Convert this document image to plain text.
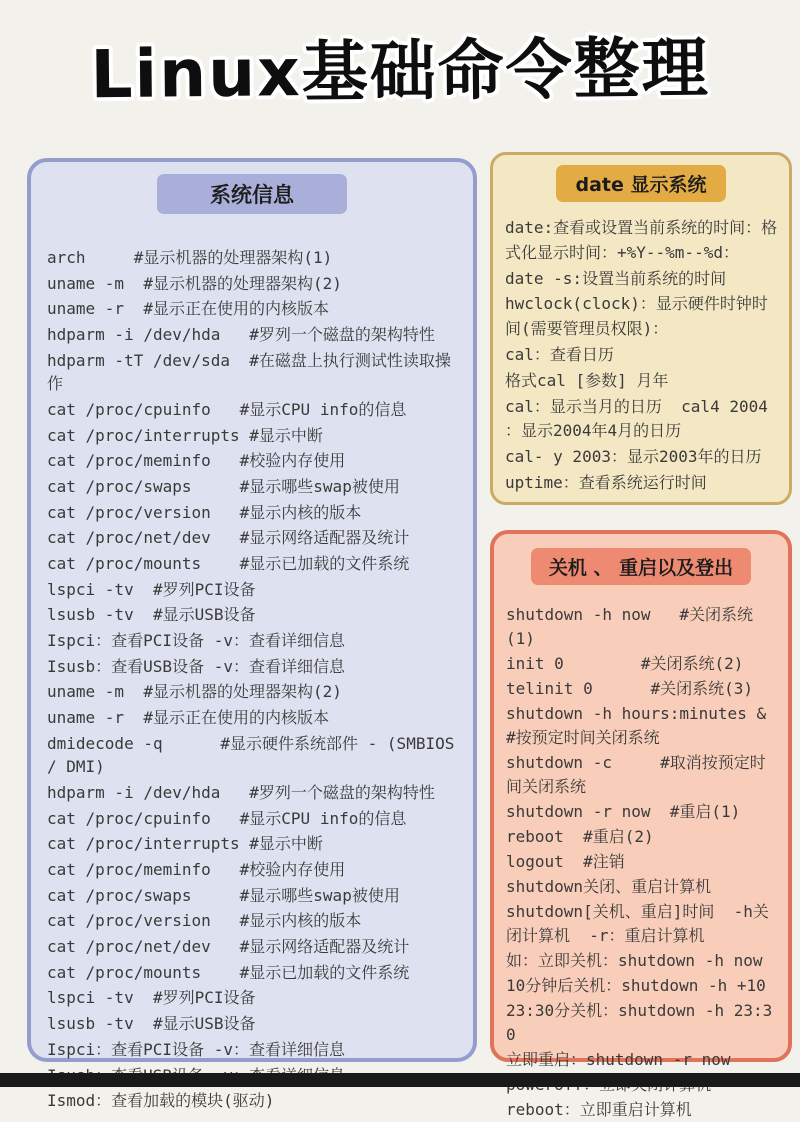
Linux基础命令整理
系统信息
arch     #显示机器的处理器架构(1)
uname -m  #显示机器的处理器架构(2)
uname -r  #显示正在使用的内核版本
hdparm -i /dev/hda   #罗列一个磁盘的架构特性
hdparm -tT /dev/sda  #在磁盘上执行测试性读取操作
cat /proc/cpuinfo   #显示CPU info的信息
cat /proc/interrupts #显示中断
cat /proc/meminfo   #校验内存使用
cat /proc/swaps     #显示哪些swap被使用
cat /proc/version   #显示内核的版本
cat /proc/net/dev   #显示网络适配器及统计
cat /proc/mounts    #显示已加载的文件系统
lspci -tv  #罗列PCI设备
lsusb -tv  #显示USB设备
Ispci：查看PCI设备 -v：查看详细信息
Isusb：查看USB设备 -v：查看详细信息
uname -m  #显示机器的处理器架构(2)
uname -r  #显示正在使用的内核版本
dmidecode -q      #显示硬件系统部件 - (SMBIOS / DMI)
hdparm -i /dev/hda   #罗列一个磁盘的架构特性
cat /proc/cpuinfo   #显示CPU info的信息
cat /proc/interrupts #显示中断
cat /proc/meminfo   #校验内存使用
cat /proc/swaps     #显示哪些swap被使用
cat /proc/version   #显示内核的版本
cat /proc/net/dev   #显示网络适配器及统计
cat /proc/mounts    #显示已加载的文件系统
lspci -tv  #罗列PCI设备
lsusb -tv  #显示USB设备
Ispci：查看PCI设备 -v：查看详细信息
Ismod：查看加载的模块(驱动)
date 显示系统
date:查看或设置当前系统的时间：格式化显示时间：+%Y--%m--%d：
date -s:设置当前系统的时间
hwclock(clock)：显示硬件时钟时间(需要管理员权限)：
cal：查看日历
格式cal [参数] 月年
cal：显示当月的日历  cal4 2004 ：显示2004年4月的日历
cal- y 2003：显示2003年的日历
uptime：查看系统运行时间
关机 、 重启以及登出
shutdown -h now   #关闭系统(1)
init 0        #关闭系统(2)
telinit 0      #关闭系统(3)
shutdown -h hours:minutes & #按预定时间关闭系统
shutdown -c     #取消按预定时间关闭系统
shutdown -r now  #重启(1)
reboot  #重启(2)
logout  #注销
shutdown关闭、重启计算机
shutdown[关机、重启]时间  -h关闭计算机  -r：重启计算机
如：立即关机：shutdown -h now
10分钟后关机：shutdown -h +10
23:30分关机：shutdown -h 23:30
立即重启：shutdown -r now
reboot：立即重启计算机
